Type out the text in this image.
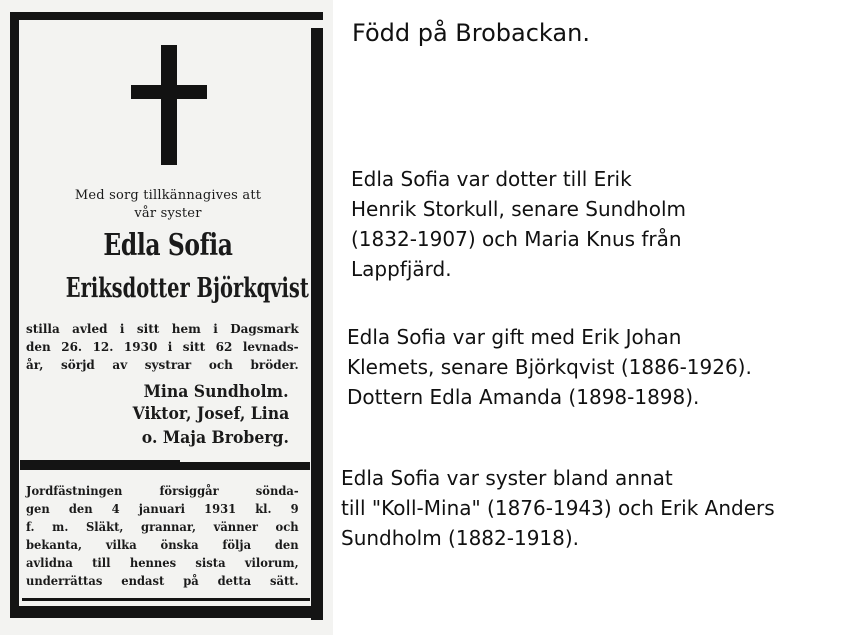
Med sorg tillkännagives att
vår syster
Edla Sofia
Eriksdotter Björkqvist
stilla avled i sitt hem i Dagsmark
den 26. 12. 1930 i sitt 62 levnads-
år, sörjd av systrar och bröder.
Mina Sundholm.
Viktor, Josef, Lina
o. Maja Broberg.
Jordfästningen försiggår sönda-
gen den 4 januari 1931 kl. 9
f. m. Släkt, grannar, vänner och
bekanta, vilka önska följa den
avlidna till hennes sista vilorum,
underrättas endast på detta sätt.

Född på Brobackan.

Edla Sofia var dotter till Erik
Henrik Storkull, senare Sundholm
(1832-1907) och Maria Knus från
Lappfjärd.

Edla Sofia var gift med Erik Johan
Klemets, senare Björkqvist (1886-1926).
Dottern Edla Amanda (1898-1898).

Edla Sofia var syster bland annat
till "Koll-Mina" (1876-1943) och Erik Anders
Sundholm (1882-1918).
